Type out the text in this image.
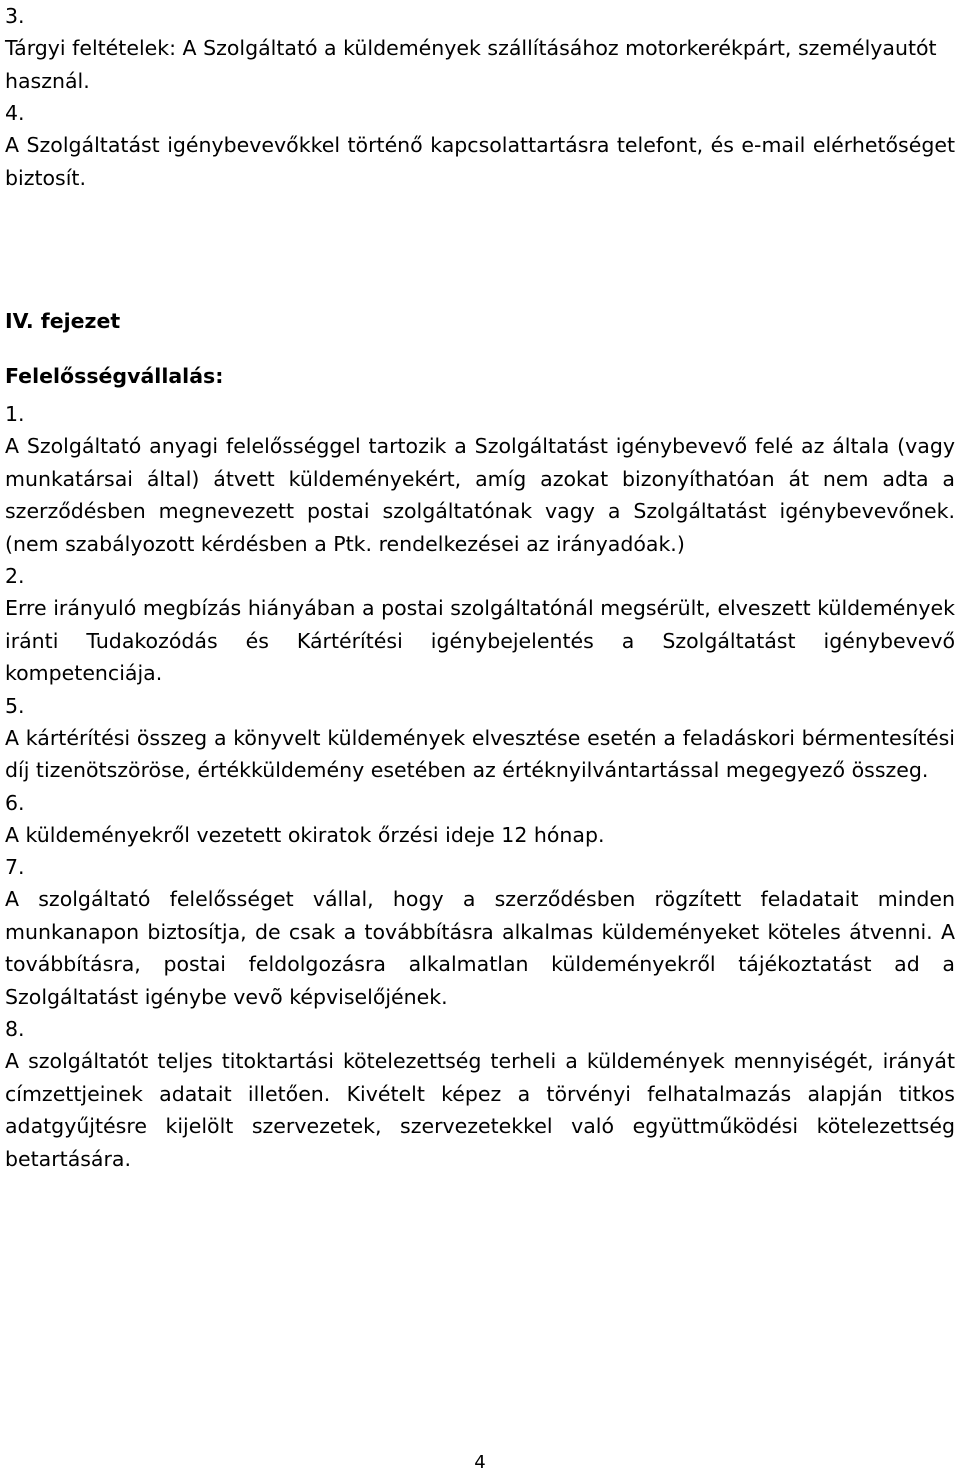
3.

Tárgyi feltételek: A Szolgáltató a küldemények szállításához motorkerékpárt, személyautót

használ.

4.

A Szolgáltatást igénybevevőkkel történő kapcsolattartásra telefont, és e-mail elérhetőséget biztosít.

IV. fejezet

Felelősségvállalás:

1.

A Szolgáltató anyagi felelősséggel tartozik a Szolgáltatást igénybevevő felé az általa (vagy munkatársai által) átvett küldeményekért, amíg azokat bizonyíthatóan át nem adta a szerződésben megnevezett postai szolgáltatónak vagy a Szolgáltatást igénybevevőnek. (nem szabályozott kérdésben a Ptk. rendelkezései az irányadóak.)

2.

Erre irányuló megbízás hiányában a postai szolgáltatónál megsérült, elveszett küldemények iránti Tudakozódás és Kártérítési igénybejelentés a Szolgáltatást igénybevevő kompetenciája.

5.

A kártérítési összeg a könyvelt küldemények elvesztése esetén a feladáskori bérmentesítési díj tizenötszöröse, értékküldemény esetében az értéknyilvántartással megegyező összeg.

6.

A küldeményekről vezetett okiratok őrzési ideje 12 hónap.

7.

A szolgáltató felelősséget vállal, hogy a szerződésben rögzített feladatait minden munkanapon biztosítja, de csak a továbbításra alkalmas küldeményeket köteles átvenni. A továbbításra, postai feldolgozásra alkalmatlan küldeményekről tájékoztatást ad a Szolgáltatást igénybe vevõ képviselőjének.

8.

A szolgáltatót teljes titoktartási kötelezettség terheli a küldemények mennyiségét, irányát címzettjeinek adatait illetően. Kivételt képez a törvényi felhatalmazás alapján titkos adatgyűjtésre kijelölt szervezetek, szervezetekkel való együttműködési kötelezettség betartására.

4
